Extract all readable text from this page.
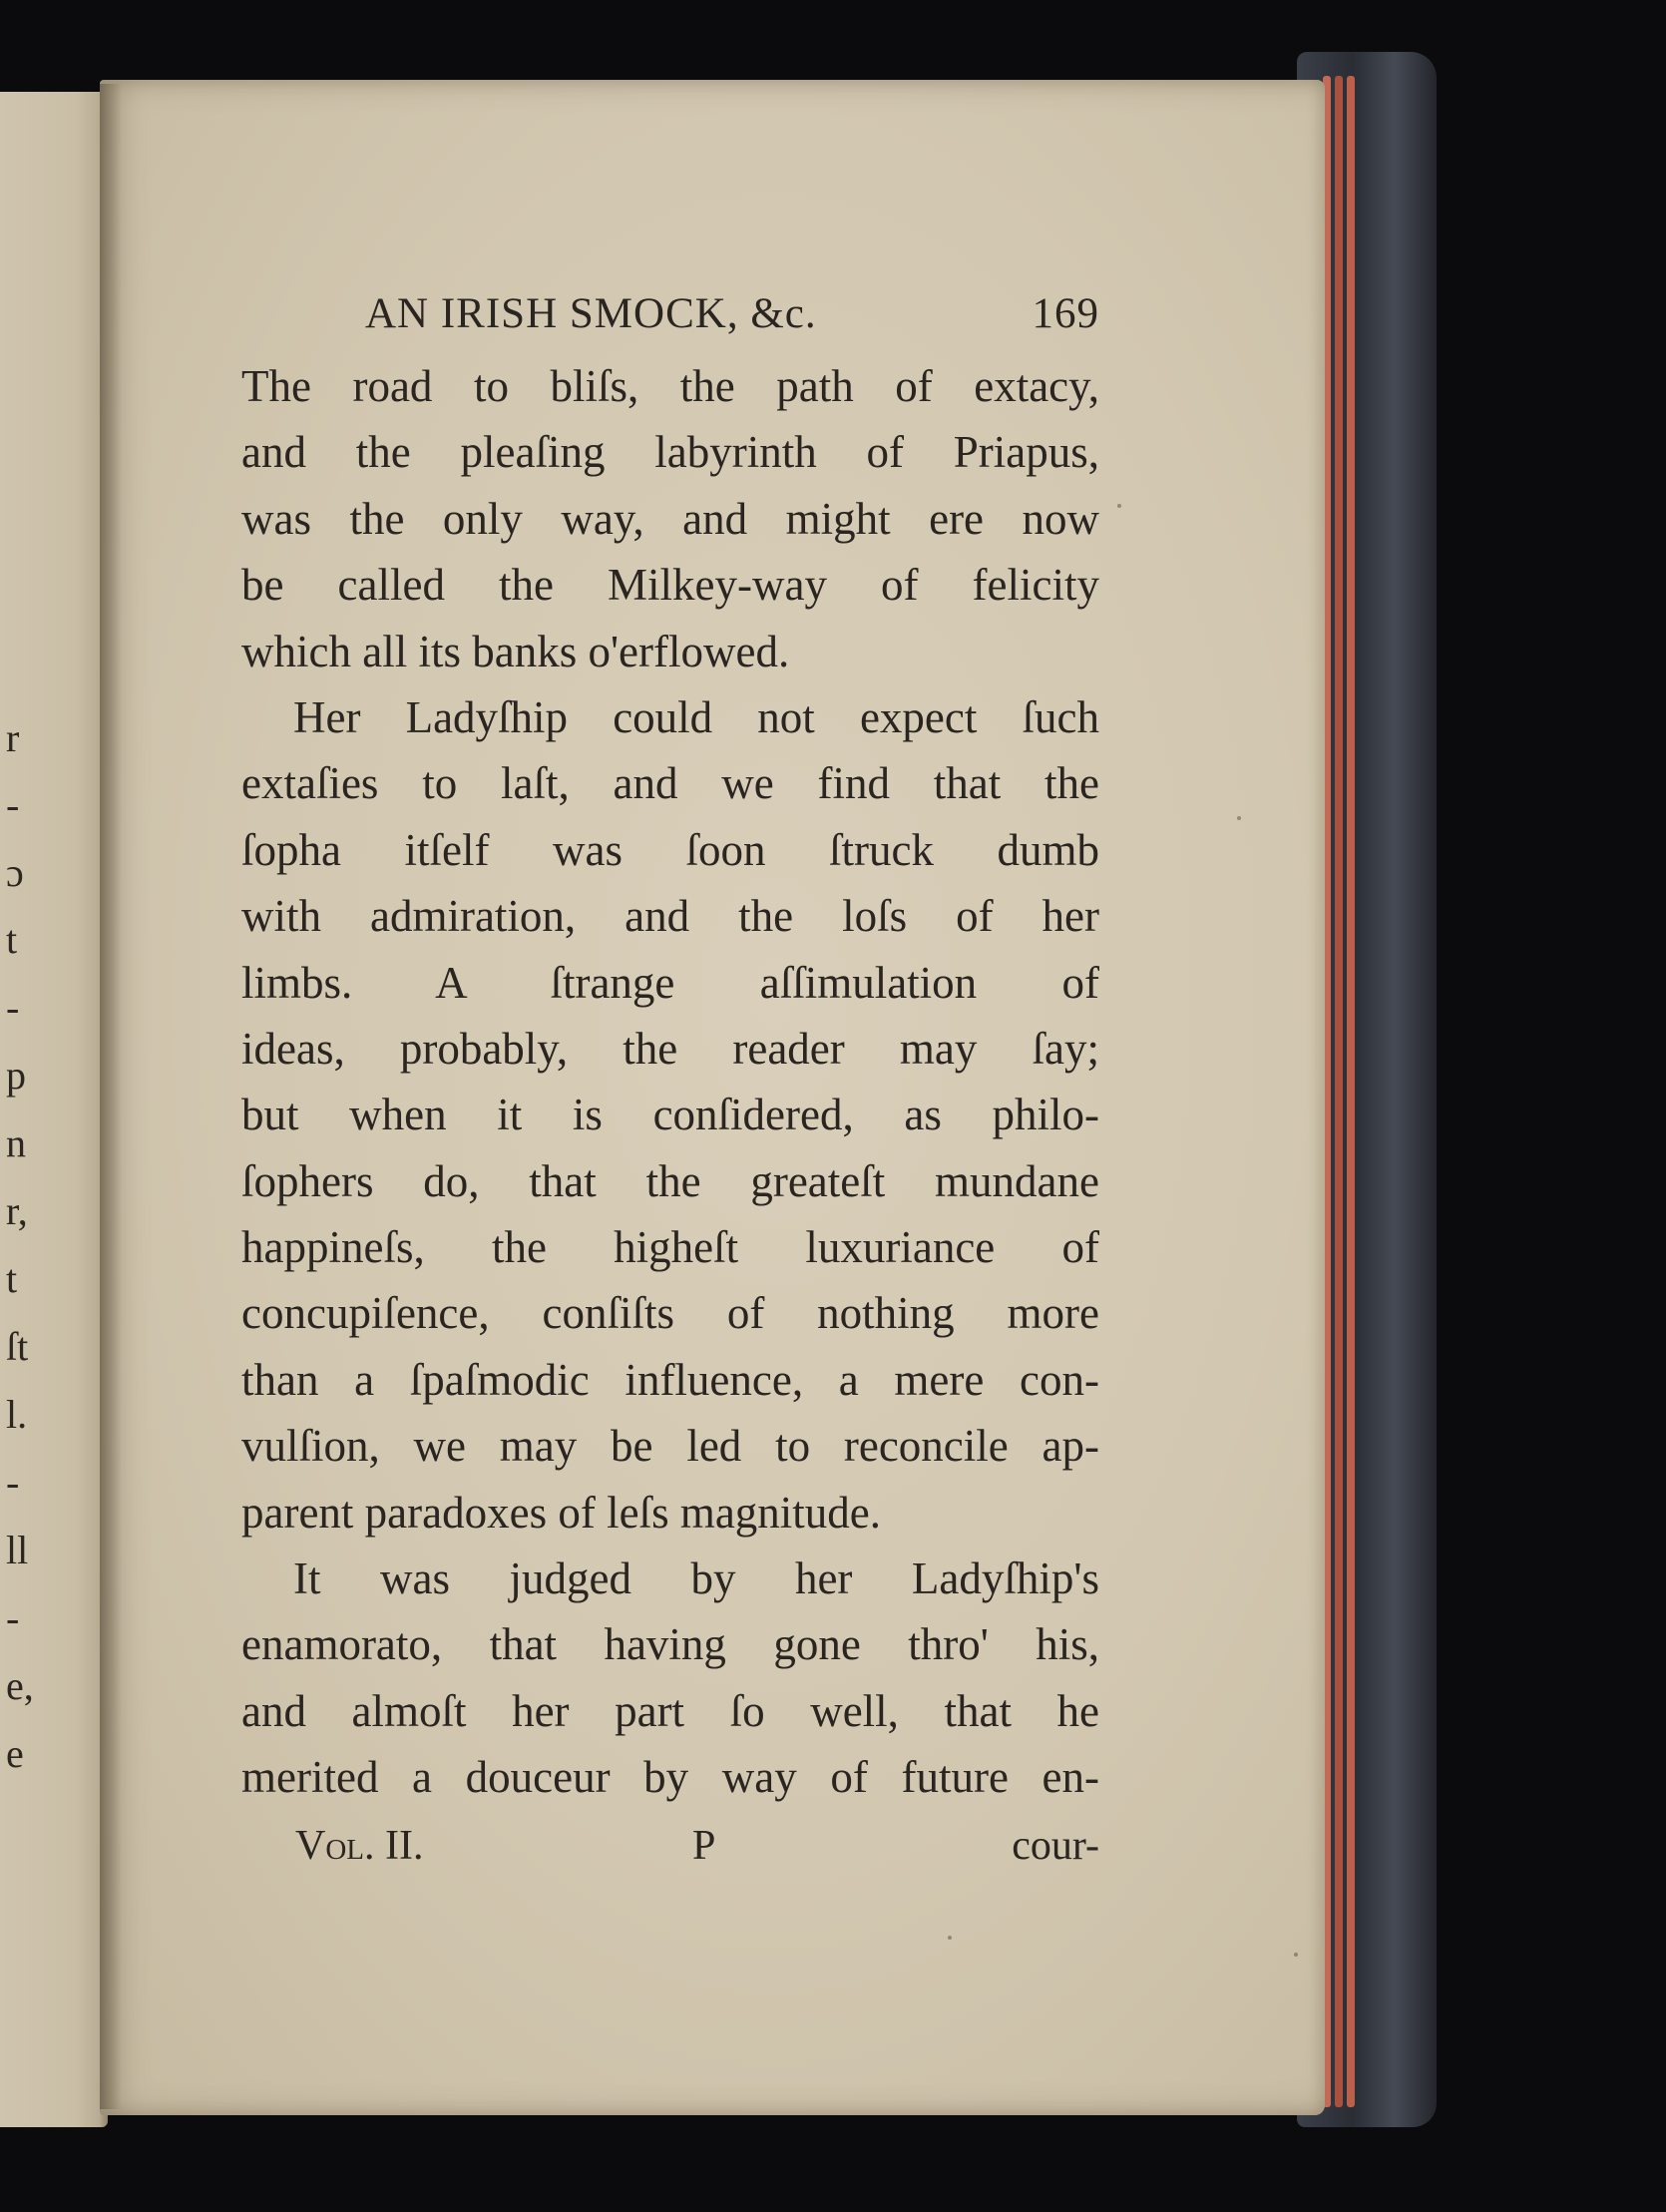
r
-
ɔ
t
-
p
n
r,
t
ſt
l.
-
ll
-
e,
e
AN IRISH SMOCK, &c.	169
The road to bliſs, the path of extacy,
and the pleaſing labyrinth of Priapus,
was the only way, and might ere now
be called the Milkey-way of felicity
which all its banks o'erflowed.
Her Ladyſhip could not expect ſuch
extaſies to laſt, and we find that the
ſopha itſelf was ſoon ſtruck dumb
with admiration, and the loſs of her
limbs. A ſtrange aſſimulation of
ideas, probably, the reader may ſay;
but when it is conſidered, as philo-
ſophers do, that the greateſt mundane
happineſs, the higheſt luxuriance of
concupiſence, conſiſts of nothing more
than a ſpaſmodic influence, a mere con-
vulſion, we may be led to reconcile ap-
parent paradoxes of leſs magnitude.
It was judged by her Ladyſhip's
enamorato, that having gone thro' his,
and almoſt her part ſo well, that he
merited a douceur by way of future en-
Vol. II.	P	cour-
